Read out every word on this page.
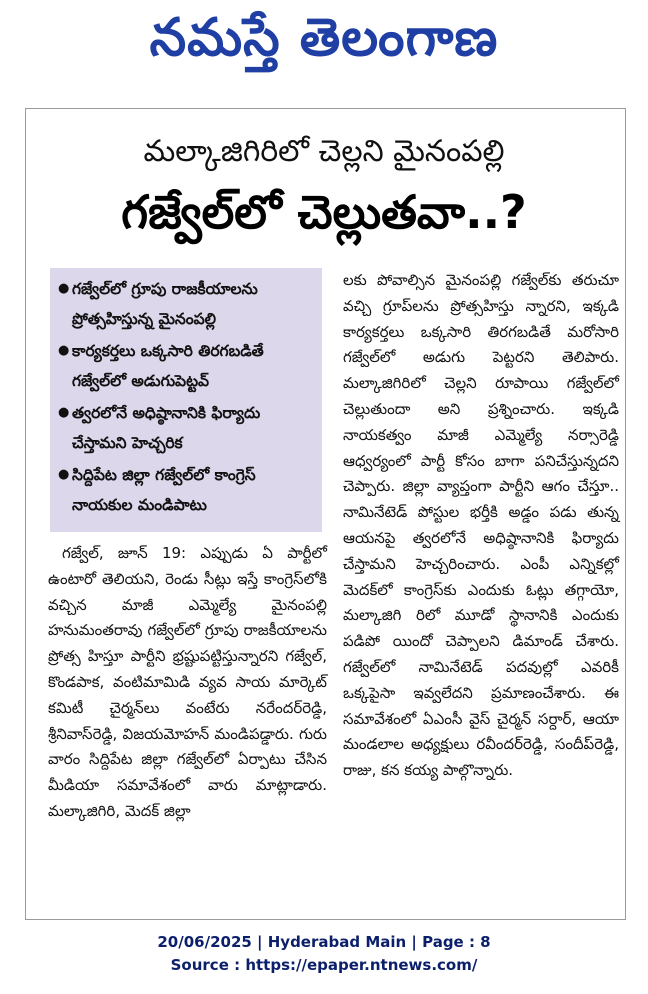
నమస్తే తెలంగాణ
మల్కాజిగిరిలో చెల్లని మైనంపల్లి
గజ్వేల్‌లో చెల్లుతవా..?
● గజ్వేల్‌లో గ్రూపు రాజకీయాలను ప్రోత్సహిస్తున్న మైనంపల్లి
● కార్యకర్తలు ఒక్కసారి తిరగబడితే గజ్వేల్‌లో అడుగుపెట్టవ్
● త్వరలోనే అధిష్ఠానానికి ఫిర్యాదు చేస్తామని హెచ్చరిక
● సిద్దిపేట జిల్లా గజ్వేల్‌లో కాంగ్రెస్ నాయకుల మండిపాటు

గజ్వేల్, జూన్ 19: ఎప్పుడు ఏ పార్టీలో ఉంటారో తెలియని, రెండు సీట్లు ఇస్తే కాంగ్రెస్‌లోకి వచ్చిన మాజీ ఎమ్మెల్యే మైనంపల్లి హనుమంతరావు గజ్వేల్‌లో గ్రూపు రాజకీయాలను ప్రోత్స హిస్తూ పార్టీని భ్రష్టుపట్టిస్తున్నారని గజ్వేల్, కొండపాక, వంటిమామిడి వ్యవ సాయ మార్కెట్ కమిటీ చైర్మన్‌లు వంటేరు నరేందర్‌రెడ్డి, శ్రీనివాస్‌రెడ్డి, విజయమోహన్ మండిపడ్డారు. గురు వారం సిద్దిపేట జిల్లా గజ్వేల్‌లో ఏర్పాటు చేసిన మీడియా సమావేశంలో వారు మాట్లాడారు. మల్కాజిగిరి, మెదక్ జిల్లా

లకు పోవాల్సిన మైనంపల్లి గజ్వేల్‌కు తరుచూ వచ్చి గ్రూప్‌లను ప్రోత్సహిస్తు న్నారని, ఇక్కడి కార్యకర్తలు ఒక్కసారి తిరగబడితే మరోసారి గజ్వేల్‌లో అడుగు పెట్టరని తెలిపారు. మల్కాజిగిరిలో చెల్లని రూపాయి గజ్వేల్‌లో చెల్లుతుందా అని ప్రశ్నించారు. ఇక్కడి నాయకత్వం మాజీ ఎమ్మెల్యే నర్సారెడ్డి ఆధ్వర్యంలో పార్టీ కోసం బాగా పనిచేస్తున్నదని చెప్పారు. జిల్లా వ్యాప్తంగా పార్టీని ఆగం చేస్తూ.. నామినేటెడ్ పోస్టుల భర్తీకి అడ్డం పడు తున్న ఆయనపై త్వరలోనే అధిష్ఠానానికి ఫిర్యాదు చేస్తామని హెచ్చరించారు. ఎంపీ ఎన్నికల్లో మెదక్‌లో కాంగ్రెస్‌కు ఎందుకు ఓట్లు తగ్గాయో, మల్కాజిగి రిలో మూడో స్థానానికి ఎందుకు పడిపో యిందో చెప్పాలని డిమాండ్ చేశారు. గజ్వేల్‌లో నామినేటెడ్ పదవుల్లో ఎవరికీ ఒక్కపైసా ఇవ్వలేదని ప్రమాణంచేశారు. ఈ సమావేశంలో ఏఎంసీ వైస్ చైర్మన్ సర్దార్, ఆయా మండలాల అధ్యక్షులు రవీందర్‌రెడ్డి, సందీప్‌రెడ్డి, రాజు, కన కయ్య పాల్గొన్నారు.

20/06/2025 | Hyderabad Main | Page : 8
Source : https://epaper.ntnews.com/
